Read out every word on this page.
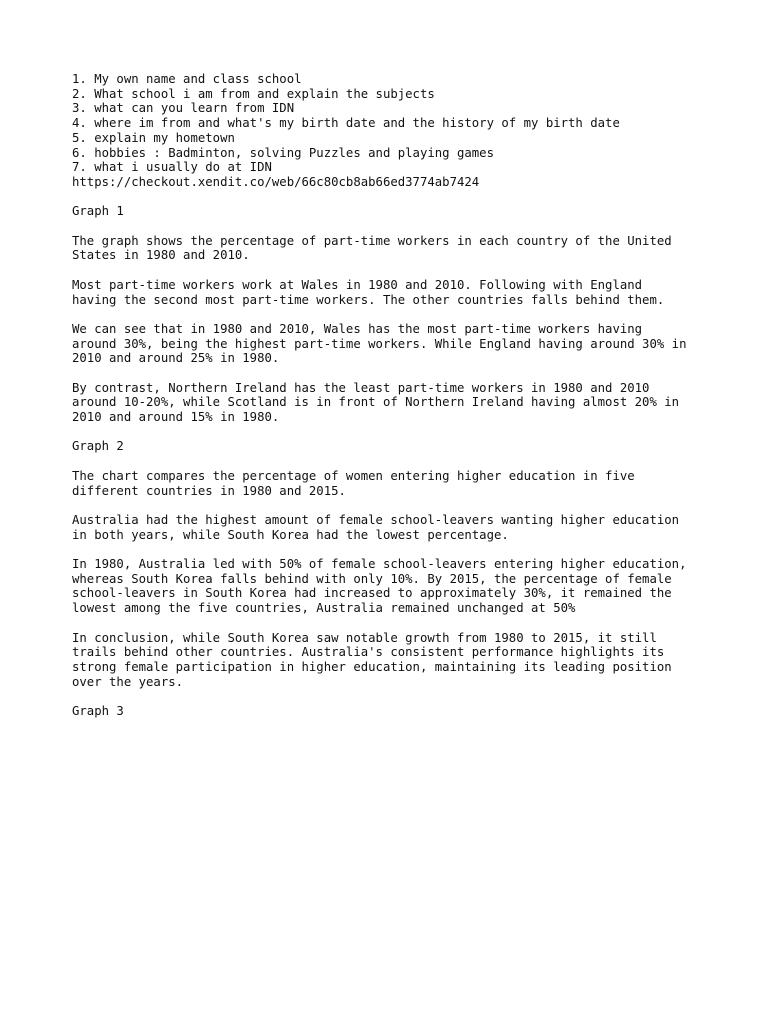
1. My own name and class school

2. What school i am from and explain the subjects

3. what can you learn from IDN

4. where im from and what's my birth date and the history of my birth date

5. explain my hometown

6. hobbies : Badminton, solving Puzzles and playing games

7. what i usually do at IDN

https://checkout.xendit.co/web/66c80cb8ab66ed3774ab7424

Graph 1

The graph shows the percentage of part-time workers in each country of the United

States in 1980 and 2010.

Most part-time workers work at Wales in 1980 and 2010. Following with England

having the second most part-time workers. The other countries falls behind them.

We can see that in 1980 and 2010, Wales has the most part-time workers having

around 30%, being the highest part-time workers. While England having around 30% in

2010 and around 25% in 1980.

By contrast, Northern Ireland has the least part-time workers in 1980 and 2010

around 10-20%, while Scotland is in front of Northern Ireland having almost 20% in

2010 and around 15% in 1980.

Graph 2

The chart compares the percentage of women entering higher education in five

different countries in 1980 and 2015.

Australia had the highest amount of female school-leavers wanting higher education

in both years, while South Korea had the lowest percentage.

In 1980, Australia led with 50% of female school-leavers entering higher education,

whereas South Korea falls behind with only 10%. By 2015, the percentage of female

school-leavers in South Korea had increased to approximately 30%, it remained the

lowest among the five countries, Australia remained unchanged at 50%

In conclusion, while South Korea saw notable growth from 1980 to 2015, it still

trails behind other countries. Australia's consistent performance highlights its

strong female participation in higher education, maintaining its leading position

over the years.

Graph 3
